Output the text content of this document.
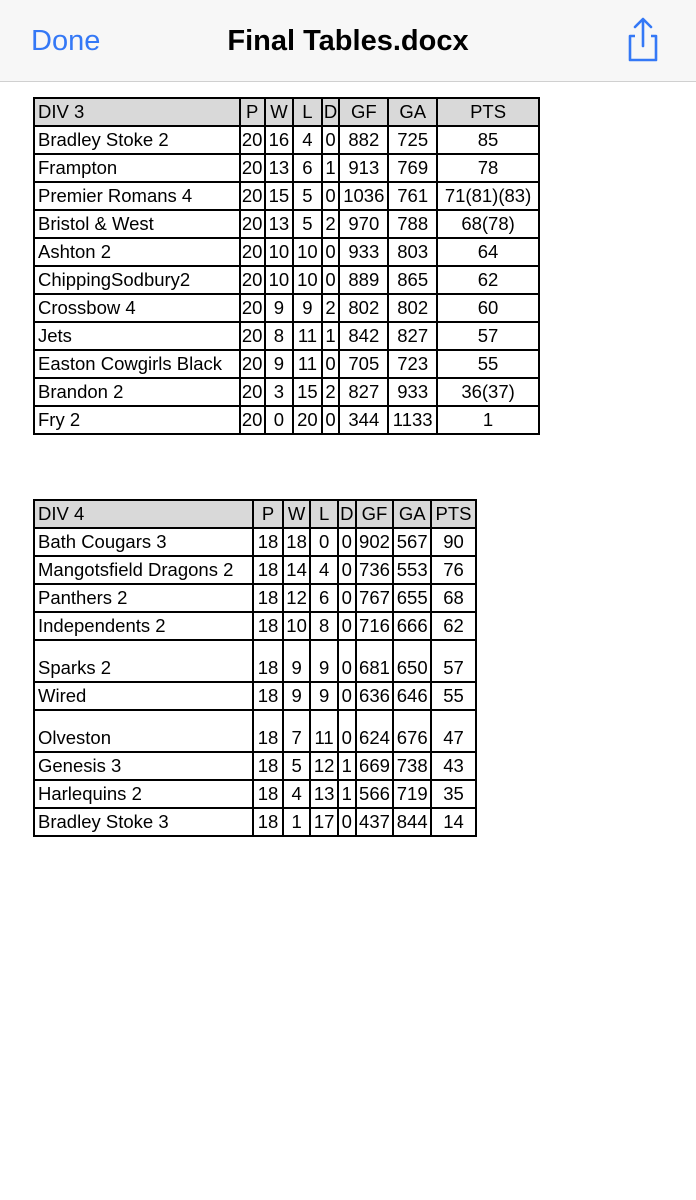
Done	Final Tables.docx
DIV 3	P	W	L	D	GF	GA	PTS
Bradley Stoke 2	20	16	4	0	882	725	85
Frampton	20	13	6	1	913	769	78
Premier Romans 4	20	15	5	0	1036	761	71(81)(83)
Bristol & West	20	13	5	2	970	788	68(78)
Ashton 2	20	10	10	0	933	803	64
ChippingSodbury2	20	10	10	0	889	865	62
Crossbow 4	20	9	9	2	802	802	60
Jets	20	8	11	1	842	827	57
Easton Cowgirls Black	20	9	11	0	705	723	55
Brandon 2	20	3	15	2	827	933	36(37)
Fry 2	20	0	20	0	344	1133	1
DIV 4	P	W	L	D	GF	GA	PTS
Bath Cougars 3	18	18	0	0	902	567	90
Mangotsfield Dragons 2	18	14	4	0	736	553	76
Panthers 2	18	12	6	0	767	655	68
Independents 2	18	10	8	0	716	666	62
Sparks 2	18	9	9	0	681	650	57
Wired	18	9	9	0	636	646	55
Olveston	18	7	11	0	624	676	47
Genesis 3	18	5	12	1	669	738	43
Harlequins 2	18	4	13	1	566	719	35
Bradley Stoke 3	18	1	17	0	437	844	14
